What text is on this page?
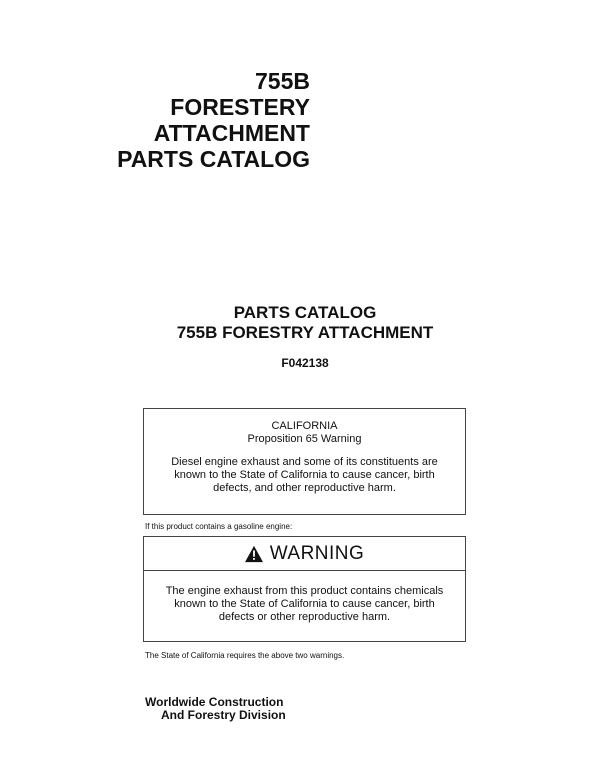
755B
FORESTERY
ATTACHMENT
PARTS CATALOG
PARTS CATALOG
755B FORESTRY ATTACHMENT
F042138
CALIFORNIA
Proposition 65 Warning
Diesel engine exhaust and some of its constituents are
known to the State of California to cause cancer, birth
defects, and other reproductive harm.
If this product contains a gasoline engine:
WARNING
The engine exhaust from this product contains chemicals
known to the State of California to cause cancer, birth
defects or other reproductive harm.
The State of California requires the above two warnings.
Worldwide Construction
And Forestry Division
